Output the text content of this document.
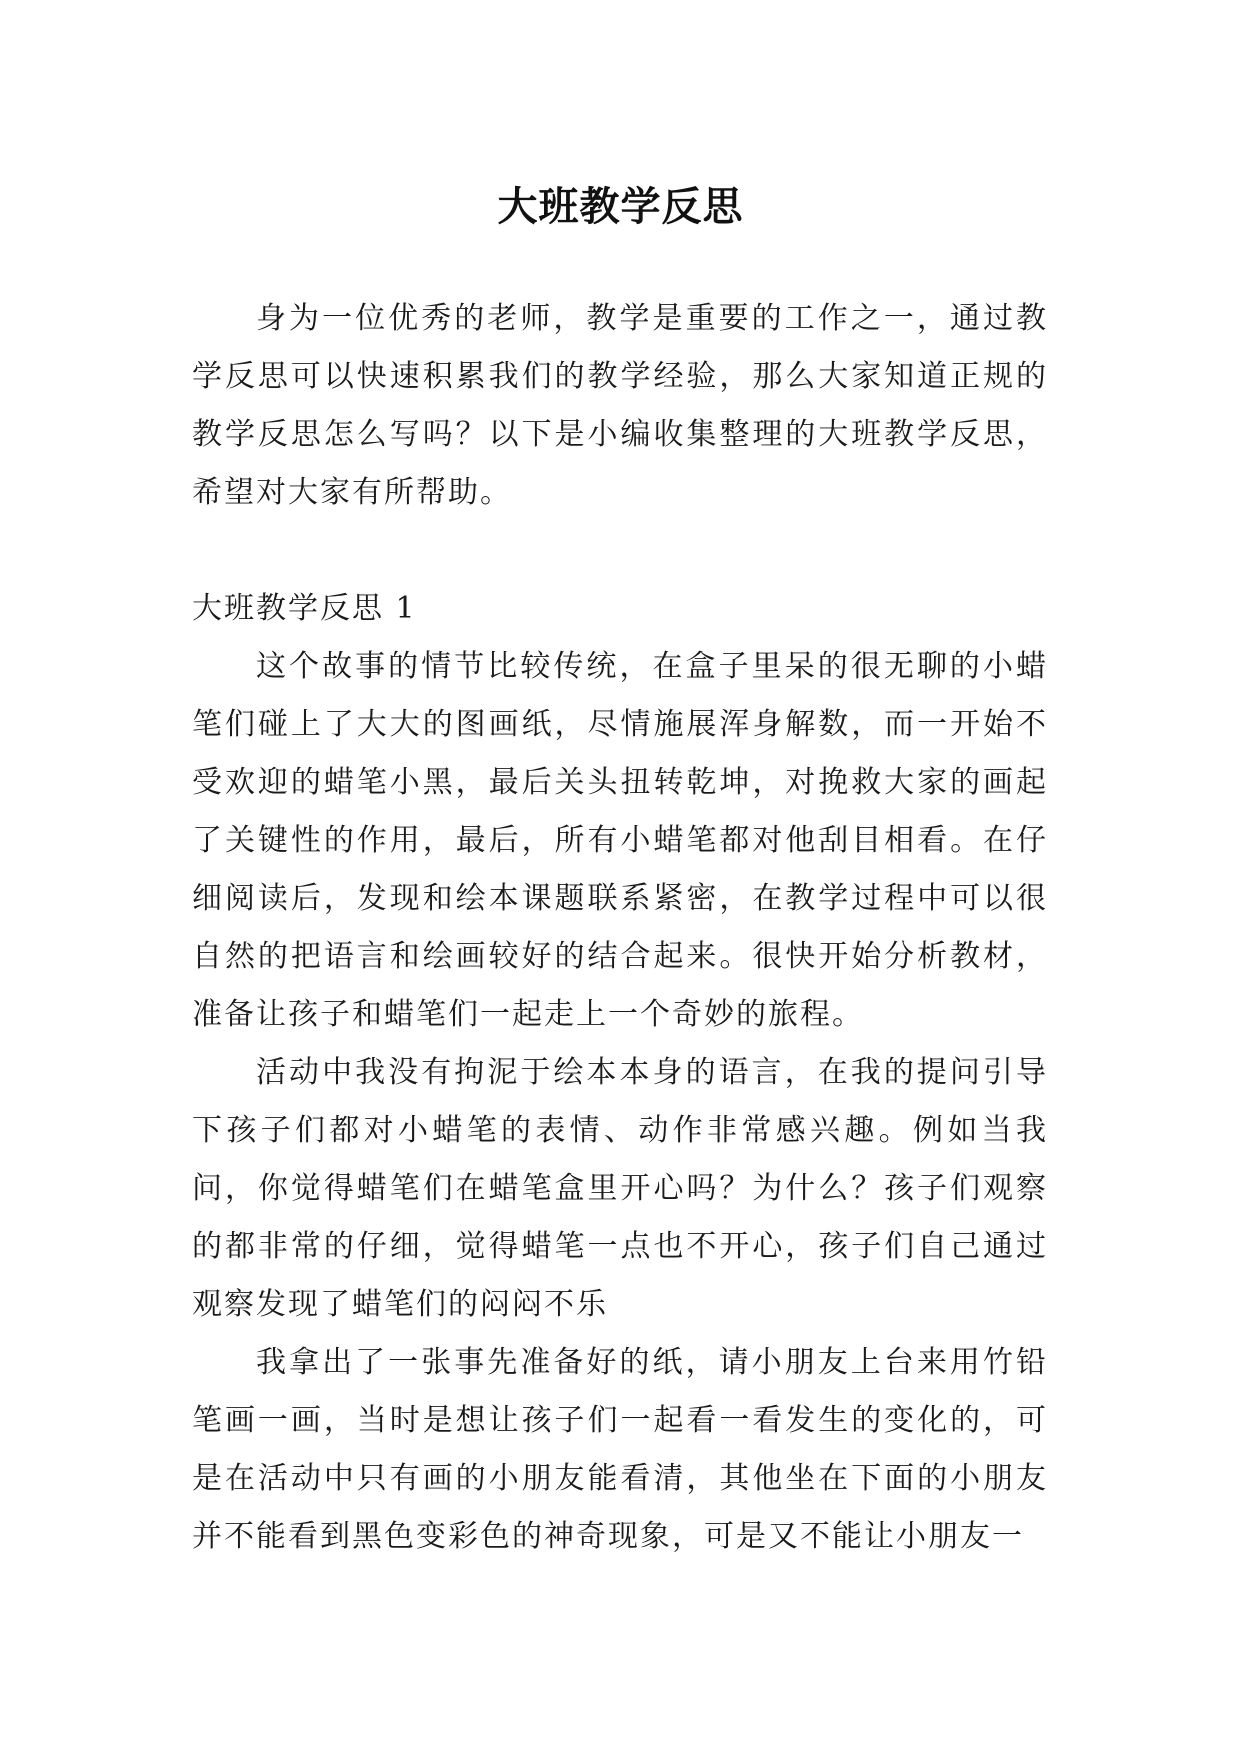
大班教学反思

身为一位优秀的老师，教学是重要的工作之一，通过教学反思可以快速积累我们的教学经验，那么大家知道正规的教学反思怎么写吗？以下是小编收集整理的大班教学反思，希望对大家有所帮助。

大班教学反思 1

这个故事的情节比较传统，在盒子里呆的很无聊的小蜡笔们碰上了大大的图画纸，尽情施展浑身解数，而一开始不受欢迎的蜡笔小黑，最后关头扭转乾坤，对挽救大家的画起了关键性的作用，最后，所有小蜡笔都对他刮目相看。在仔细阅读后，发现和绘本课题联系紧密，在教学过程中可以很自然的把语言和绘画较好的结合起来。很快开始分析教材，准备让孩子和蜡笔们一起走上一个奇妙的旅程。

活动中我没有拘泥于绘本本身的语言，在我的提问引导下孩子们都对小蜡笔的表情、动作非常感兴趣。例如当我问，你觉得蜡笔们在蜡笔盒里开心吗？为什么？孩子们观察的都非常的仔细，觉得蜡笔一点也不开心，孩子们自己通过观察发现了蜡笔们的闷闷不乐

我拿出了一张事先准备好的纸，请小朋友上台来用竹铅笔画一画，当时是想让孩子们一起看一看发生的变化的，可是在活动中只有画的小朋友能看清，其他坐在下面的小朋友并不能看到黑色变彩色的神奇现象，可是又不能让小朋友一
